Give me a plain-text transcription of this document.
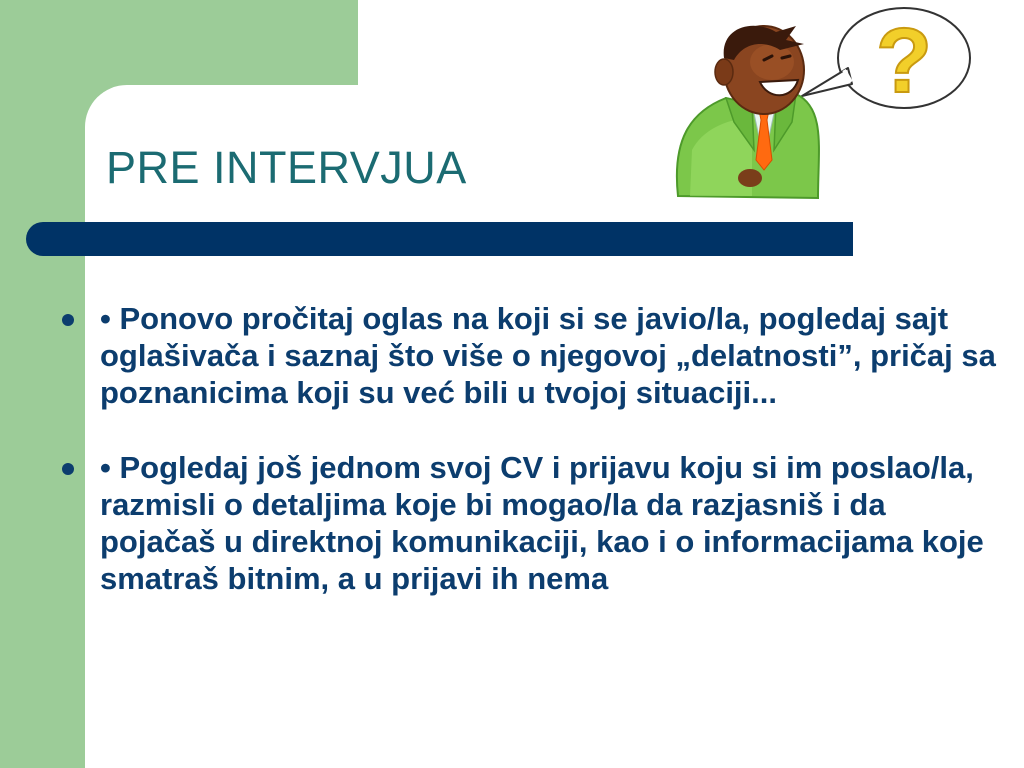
?
PRE INTERVJUA
• Ponovo pročitaj oglas na koji si se javio/la, pogledaj sajt oglašivača i saznaj što više o njegovoj „delatnosti”, pričaj sa poznanicima koji su već bili u tvojoj situaciji...
• Pogledaj još jednom svoj CV i prijavu koju si im poslao/la, razmisli o detaljima koje bi mogao/la da razjasniš i da pojačaš u direktnoj komunikaciji, kao i o informacijama koje smatraš bitnim, a u prijavi ih nema
